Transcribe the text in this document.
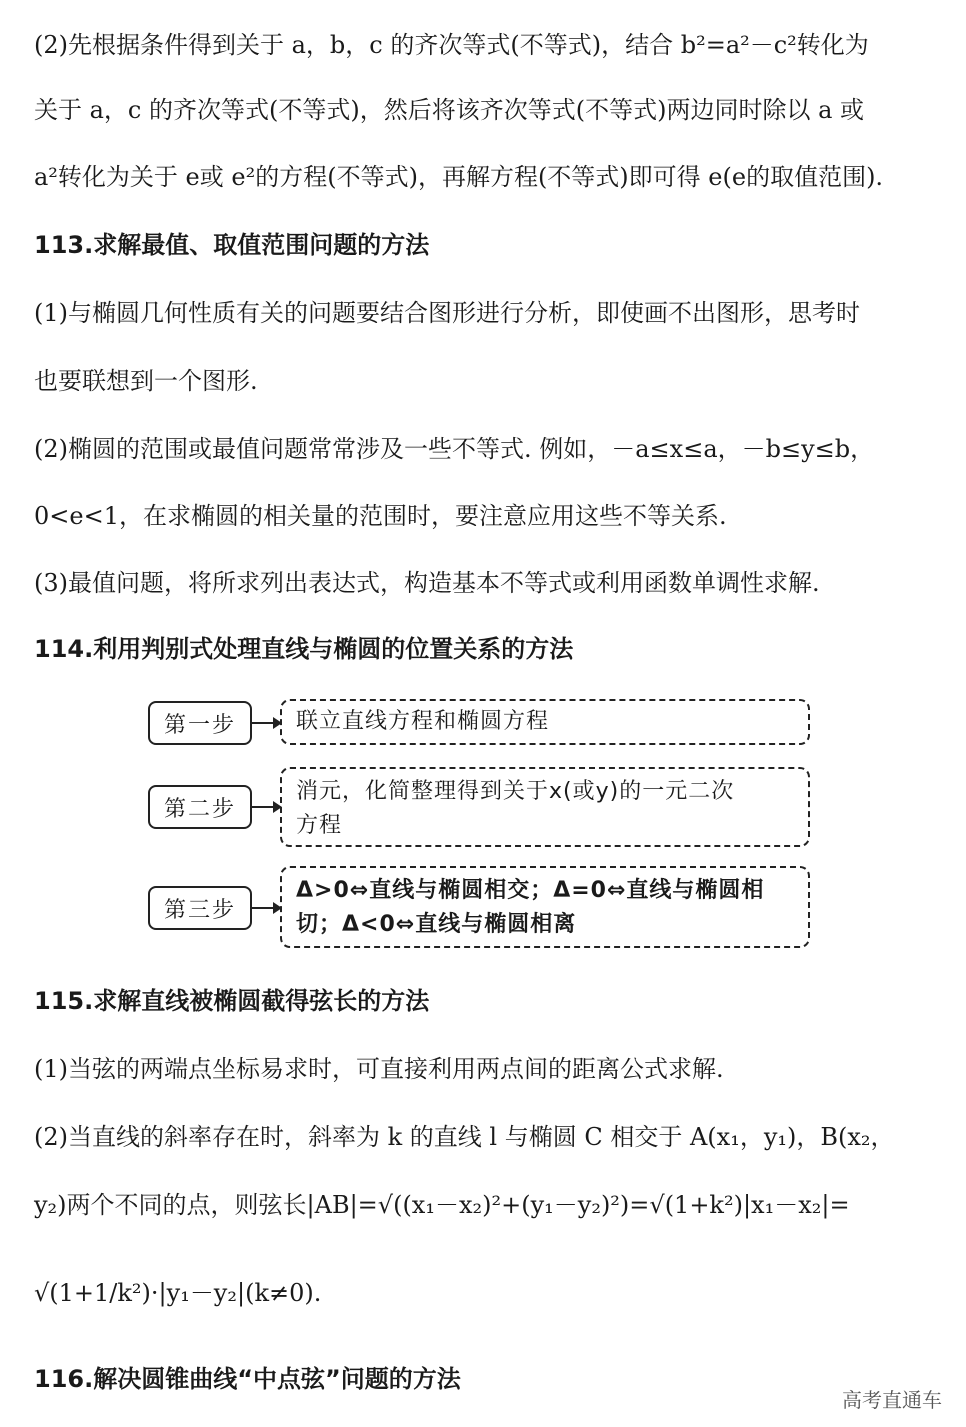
(2)先根据条件得到关于 a，b，c 的齐次等式(不等式)，结合 b²=a²－c²转化为
关于 a，c 的齐次等式(不等式)，然后将该齐次等式(不等式)两边同时除以 a 或
a²转化为关于 e或 e²的方程(不等式)，再解方程(不等式)即可得 e(e的取值范围).
113.求解最值、取值范围问题的方法
(1)与椭圆几何性质有关的问题要结合图形进行分析，即使画不出图形，思考时
也要联想到一个图形.
(2)椭圆的范围或最值问题常常涉及一些不等式. 例如，－a≤x≤a，－b≤y≤b，
0<e<1，在求椭圆的相关量的范围时，要注意应用这些不等关系.
(3)最值问题，将所求列出表达式，构造基本不等式或利用函数单调性求解.
114.利用判别式处理直线与椭圆的位置关系的方法
第一步	联立直线方程和椭圆方程
第二步
消元，化简整理得到关于x(或y)的一元二次
方程
第三步
Δ>0⇔直线与椭圆相交；Δ=0⇔直线与椭圆相
切；Δ<0⇔直线与椭圆相离
115.求解直线被椭圆截得弦长的方法
(1)当弦的两端点坐标易求时，可直接利用两点间的距离公式求解.
(2)当直线的斜率存在时，斜率为 k 的直线 l 与椭圆 C 相交于 A(x₁，y₁)，B(x₂，
y₂)两个不同的点，则弦长|AB|=√((x₁－x₂)²+(y₁－y₂)²)=√(1+k²)|x₁－x₂|=
√(1+1/k²)·|y₁－y₂|(k≠0).
116.解决圆锥曲线“中点弦”问题的方法
高考直通车
